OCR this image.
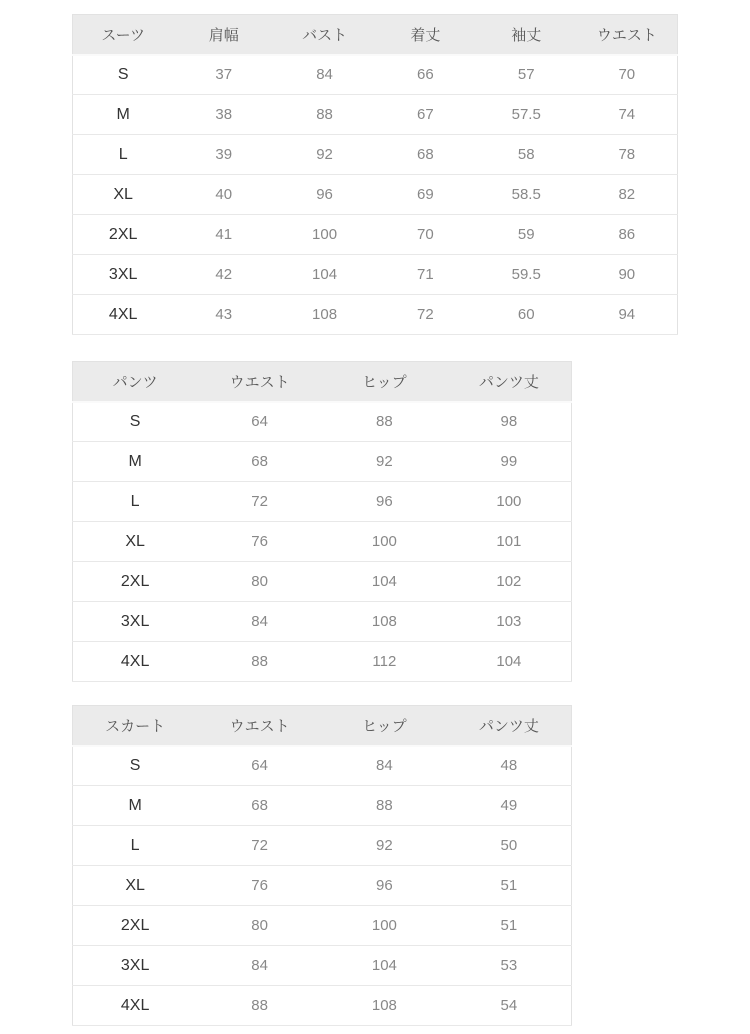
スーツ	肩幅	バスト	着丈	袖丈	ウエスト
S	37	84	66	57	70
M	38	88	67	57.5	74
L	39	92	68	58	78
XL	40	96	69	58.5	82
2XL	41	100	70	59	86
3XL	42	104	71	59.5	90
4XL	43	108	72	60	94
パンツ	ウエスト	ヒップ	パンツ丈
S	64	88	98
M	68	92	99
L	72	96	100
XL	76	100	101
2XL	80	104	102
3XL	84	108	103
4XL	88	112	104
スカート	ウエスト	ヒップ	パンツ丈
S	64	84	48
M	68	88	49
L	72	92	50
XL	76	96	51
2XL	80	100	51
3XL	84	104	53
4XL	88	108	54
